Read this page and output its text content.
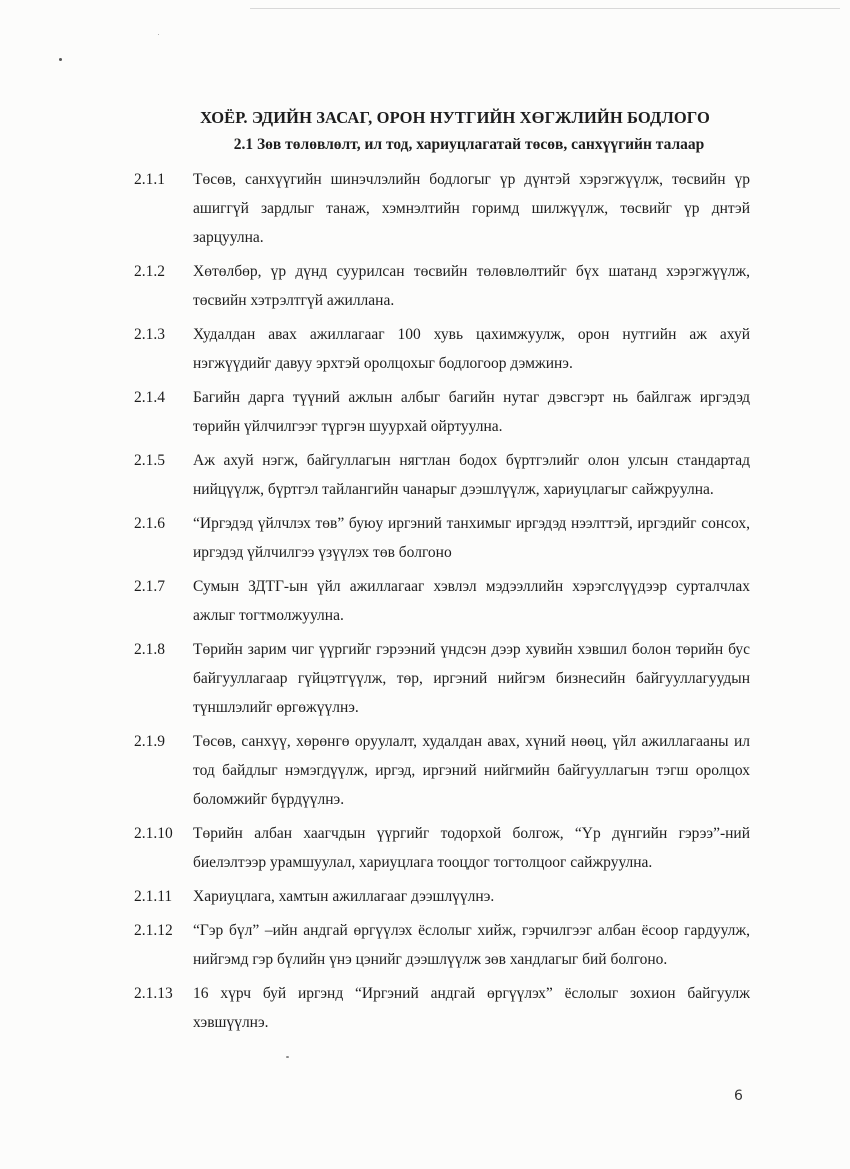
ХОЁР. ЭДИЙН ЗАСАГ, ОРОН НУТГИЙН ХӨГЖЛИЙН БОДЛОГО
2.1 Зөв төлөвлөлт, ил тод, хариуцлагатай төсөв, санхүүгийн талаар
2.1.1	Төсөв, санхүүгийн шинэчлэлийн бодлогыг үр дүнтэй хэрэгжүүлж, төсвийн үр ашиггүй зардлыг танаж, хэмнэлтийн горимд шилжүүлж, төсвийг үр днтэй зарцуулна.
2.1.2	Хөтөлбөр, үр дүнд суурилсан төсвийн төлөвлөлтийг бүх шатанд хэрэгжүүлж, төсвийн хэтрэлтгүй ажиллана.
2.1.3	Худалдан авах ажиллагааг 100 хувь цахимжуулж, орон нутгийн аж ахуй нэгжүүдийг давуу эрхтэй оролцохыг бодлогоор дэмжинэ.
2.1.4	Багийн дарга түүний ажлын албыг багийн нутаг дэвсгэрт нь байлгаж иргэдэд төрийн үйлчилгээг түргэн шуурхай ойртуулна.
2.1.5	Аж ахуй нэгж, байгуллагын нягтлан бодох бүртгэлийг олон улсын стандартад нийцүүлж, бүртгэл тайлангийн чанарыг дээшлүүлж, хариуцлагыг сайжруулна.
2.1.6	“Иргэдэд үйлчлэх төв” буюу иргэний танхимыг иргэдэд нээлттэй, иргэдийг сонсох, иргэдэд үйлчилгээ үзүүлэх төв болгоно
2.1.7	Сумын ЗДТГ-ын үйл ажиллагааг хэвлэл мэдээллийн хэрэгслүүдээр сурталчлах ажлыг тогтмолжуулна.
2.1.8	Төрийн зарим чиг үүргийг гэрээний үндсэн дээр хувийн хэвшил болон төрийн бус байгууллагаар гүйцэтгүүлж, төр, иргэний нийгэм бизнесийн байгууллагуудын түншлэлийг өргөжүүлнэ.
2.1.9	Төсөв, санхүү, хөрөнгө оруулалт, худалдан авах, хүний нөөц, үйл ажиллагааны ил тод байдлыг нэмэгдүүлж, иргэд, иргэний нийгмийн байгууллагын тэгш оролцох боломжийг бүрдүүлнэ.
2.1.10	Төрийн албан хаагчдын үүргийг тодорхой болгож, “Үр дүнгийн гэрээ”-ний биелэлтээр урамшуулал, хариуцлага тооцдог тогтолцоог сайжруулна.
2.1.11	Хариуцлага, хамтын ажиллагааг дээшлүүлнэ.
2.1.12	“Гэр бүл” –ийн андгай өргүүлэх ёслолыг хийж, гэрчилгээг албан ёсоор гардуулж, нийгэмд гэр бүлийн үнэ цэнийг дээшлүүлж зөв хандлагыг бий болгоно.
2.1.13	16 хүрч буй иргэнд “Иргэний андгай өргүүлэх” ёслолыг зохион байгуулж хэвшүүлнэ.
6
